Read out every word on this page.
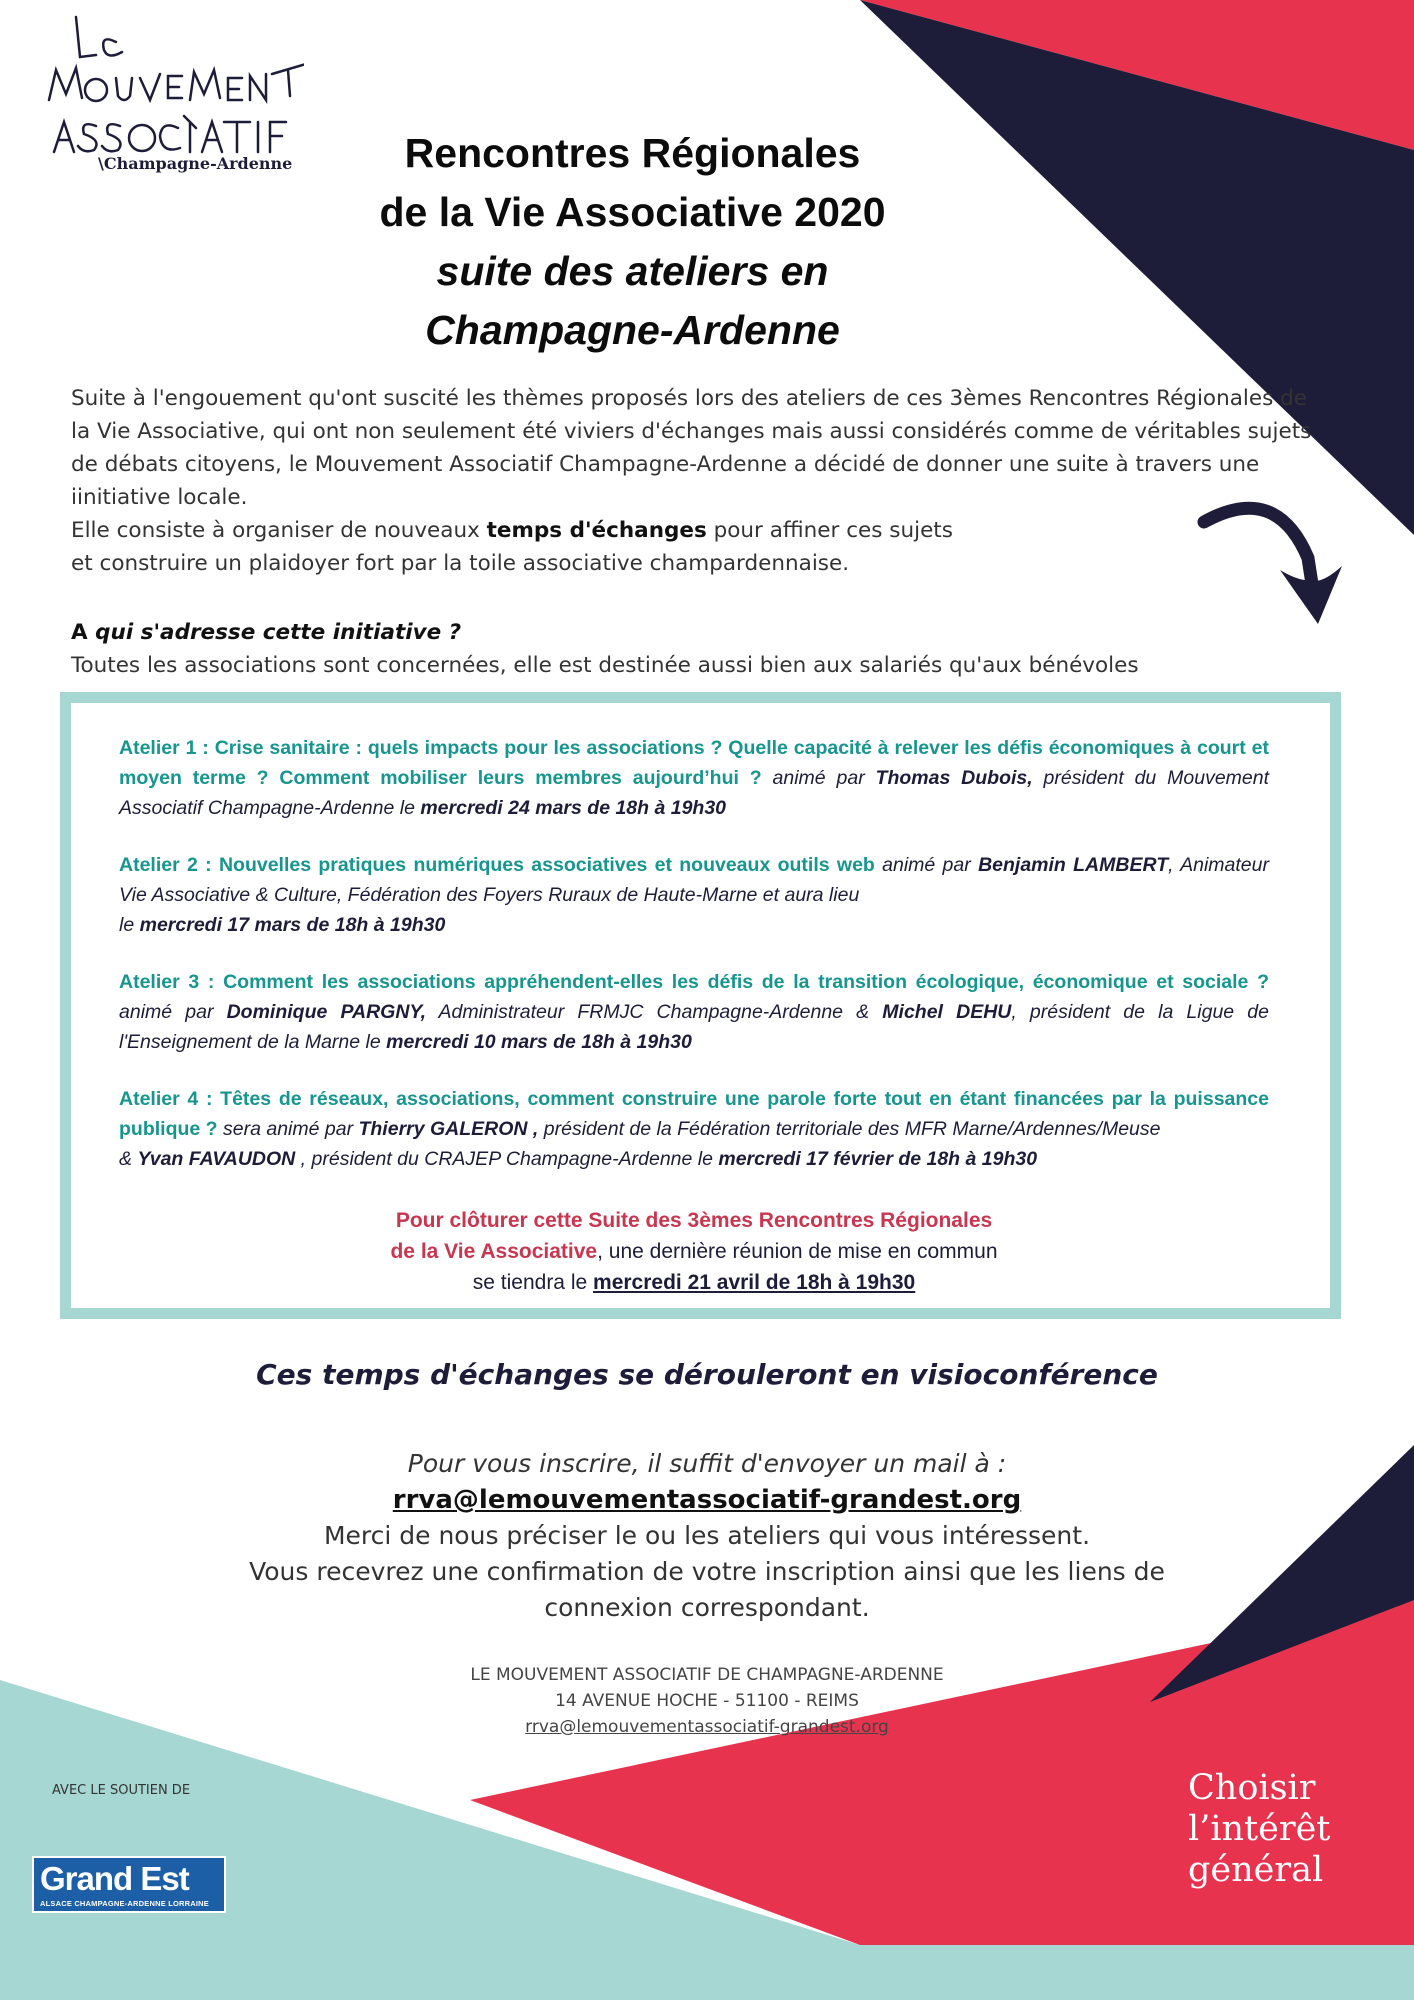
\Champagne-Ardenne	Rencontres Régionales
de la Vie Associative 2020
suite des ateliers en
Champagne-Ardenne

Suite à l'engouement qu'ont suscité les thèmes proposés lors des ateliers de ces 3èmes Rencontres Régionales de la Vie Associative, qui ont non seulement été viviers d'échanges mais aussi considérés comme de véritables sujets de débats citoyens, le Mouvement Associatif Champagne-Ardenne a décidé de donner une suite à travers une iinitiative locale.

Elle consiste à organiser de nouveaux temps d'échanges pour affiner ces sujets

et construire un plaidoyer fort par la toile associative champardennaise.

A qui s'adresse cette initiative ?
Toutes les associations sont concernées, elle est destinée aussi bien aux salariés qu'aux bénévoles
Atelier 1 : Crise sanitaire : quels impacts pour les associations ? Quelle capacité à relever les défis économiques à court et moyen terme ? Comment mobiliser leurs membres aujourd’hui ? animé par Thomas Dubois, président du Mouvement Associatif Champagne-Ardenne le mercredi 24 mars de 18h à 19h30
Atelier 2 : Nouvelles pratiques numériques associatives et nouveaux outils web animé par Benjamin LAMBERT, Animateur Vie Associative & Culture, Fédération des Foyers Ruraux de Haute-Marne et aura lieu
le mercredi 17 mars de 18h à 19h30
Atelier 3 : Comment les associations appréhendent-elles les défis de la transition écologique, économique et sociale ? animé par Dominique PARGNY, Administrateur FRMJC Champagne-Ardenne & Michel DEHU, président de la Ligue de l'Enseignement de la Marne le mercredi 10 mars de 18h à 19h30
Atelier 4 : Têtes de réseaux, associations, comment construire une parole forte tout en étant financées par la puissance publique ? sera animé par Thierry GALERON , président de la Fédération territoriale des MFR Marne/Ardennes/Meuse
& Yvan FAVAUDON , président du CRAJEP Champagne-Ardenne le mercredi 17 février de 18h à 19h30
Pour clôturer cette Suite des 3èmes Rencontres Régionales
de la Vie Associative, une dernière réunion de mise en commun
se tiendra le mercredi 21 avril de 18h à 19h30
Ces temps d'échanges se dérouleront en visioconférence

Pour vous inscrire, il suffit d'envoyer un mail à :

rrva@lemouvementassociatif-grandest.org

Merci de nous préciser le ou les ateliers qui vous intéressent.

Vous recevrez une confirmation de votre inscription ainsi que les liens de

connexion correspondant.

LE MOUVEMENT ASSOCIATIF DE CHAMPAGNE-ARDENNE

14 AVENUE HOCHE - 51100 - REIMS

rrva@lemouvementassociatif-grandest.org

AVEC LE SOUTIEN DE
Grand Est
ALSACE CHAMPAGNE-ARDENNE LORRAINE
Choisir
l’intérêt
général
